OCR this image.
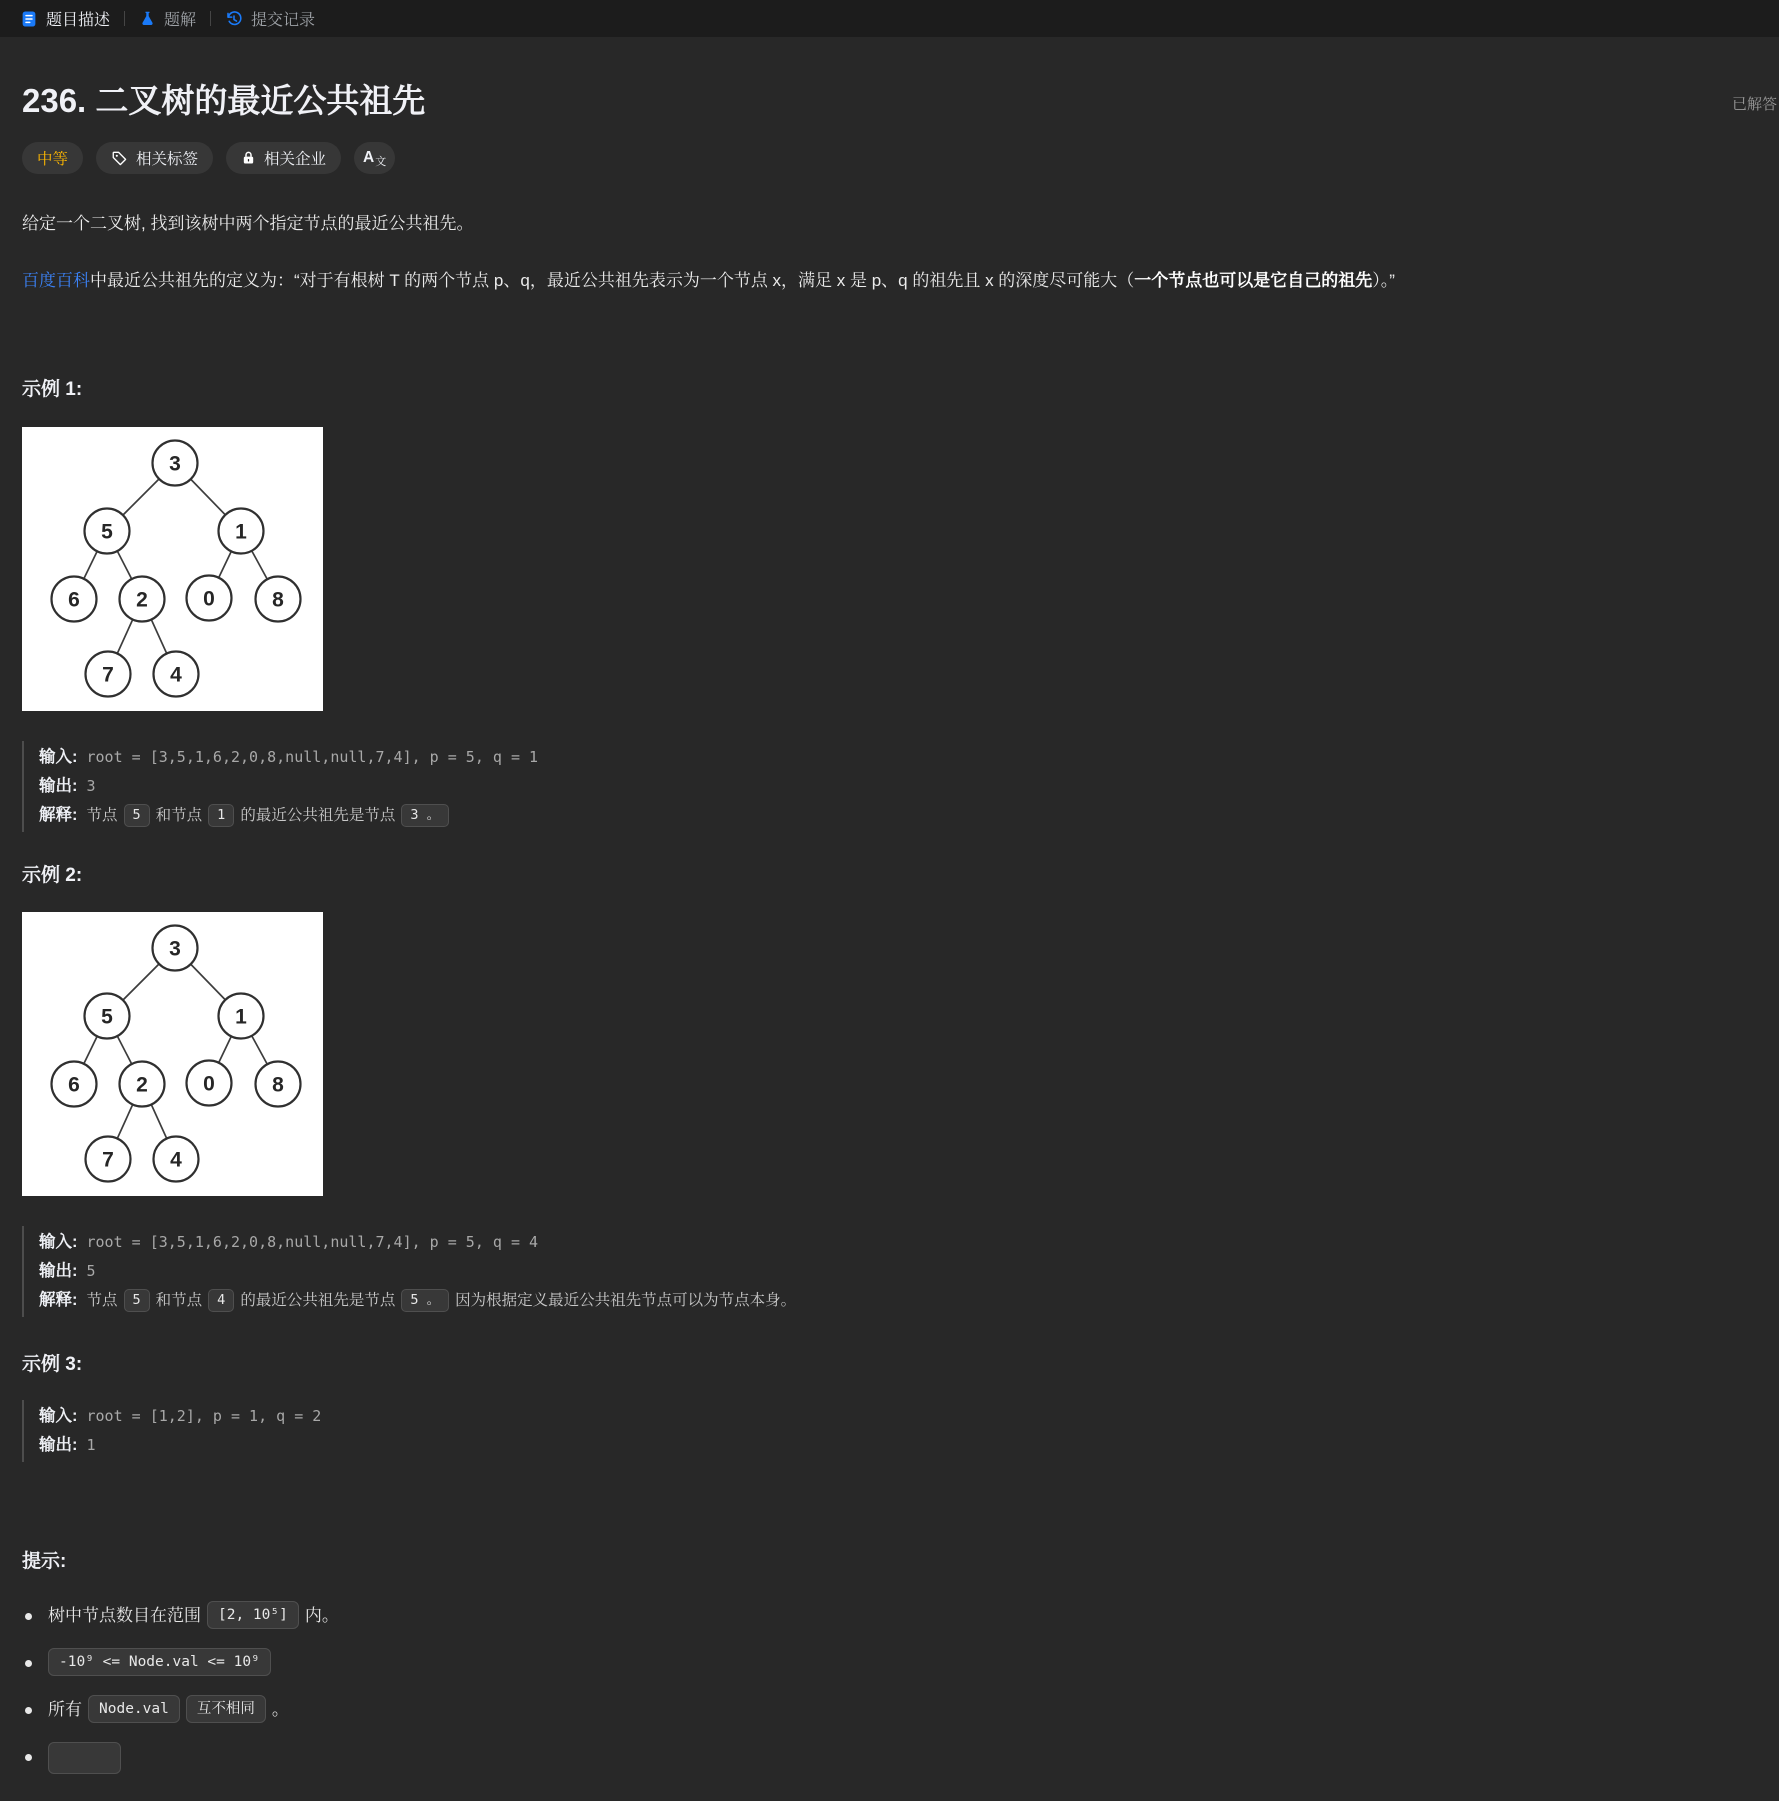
题目描述	题解	提交记录
236. 二叉树的最近公共祖先	已解答
中等	相关标签	相关企业 A 文

给定一个二叉树, 找到该树中两个指定节点的最近公共祖先。

百度百科中最近公共祖先的定义为：“对于有根树 T 的两个节点 p、q，最近公共祖先表示为一个节点 x，满足 x 是 p、q 的祖先且 x 的深度尽可能大（一个节点也可以是它自己的祖先）。”

示例 1:
3
5	1
6	2	0	8
7	4
输入: root = [3,5,1,6,2,0,8,null,null,7,4], p = 5, q = 1
输出: 3
解释: 节点 5 和节点 1 的最近公共祖先是节点 3 。
示例 2:
3
5	1
6	2	0	8
7	4
输入: root = [3,5,1,6,2,0,8,null,null,7,4], p = 5, q = 4
输出: 5
解释: 节点 5 和节点 4 的最近公共祖先是节点 5 。 因为根据定义最近公共祖先节点可以为节点本身。
示例 3:
输入: root = [1,2], p = 1, q = 2
输出: 1
提示:
树中节点数目在范围 [2, 10⁵] 内。
-10⁹ <= Node.val <= 10⁹
所有 Node.val 互不相同 。
